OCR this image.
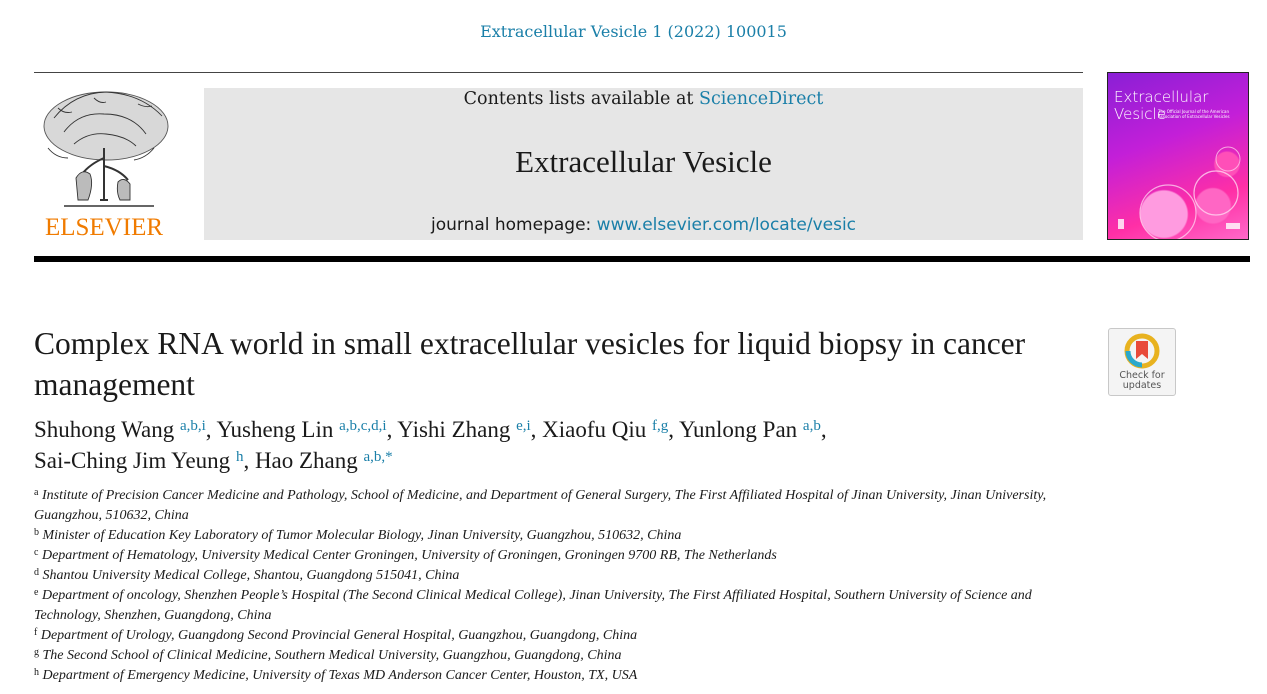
Extracellular Vesicle 1 (2022) 100015
ELSEVIER
Contents lists available at ScienceDirect
Extracellular Vesicle
journal homepage: www.elsevier.com/locate/vesic
Extracellular
Vesicle
The Official Journal of the American Association of Extracellular Vesicles
Complex RNA world in small extracellular vesicles for liquid biopsy in cancer management	Check for
updates
Shuhong Wang $^{a,b,i}$, Yusheng Lin $^{a,b,c,d,i}$, Yishi Zhang $^{e,i}$, Xiaofu Qiu $^{f,g}$, Yunlong Pan $^{a,b}$,
Sai-Ching Jim Yeung $^h$, Hao Zhang $^{a,b,*}$
$^a$ Institute of Precision Cancer Medicine and Pathology, School of Medicine, and Department of General Surgery, The First Affiliated Hospital of Jinan University, Jinan University, Guangzhou, 510632, China
$^b$ Minister of Education Key Laboratory of Tumor Molecular Biology, Jinan University, Guangzhou, 510632, China
$^c$ Department of Hematology, University Medical Center Groningen, University of Groningen, Groningen 9700 RB, The Netherlands
$^d$ Shantou University Medical College, Shantou, Guangdong 515041, China
$^e$ Department of oncology, Shenzhen People’s Hospital (The Second Clinical Medical College), Jinan University, The First Affiliated Hospital, Southern University of Science and Technology, Shenzhen, Guangdong, China
$^f$ Department of Urology, Guangdong Second Provincial General Hospital, Guangzhou, Guangdong, China
$^g$ The Second School of Clinical Medicine, Southern Medical University, Guangzhou, Guangdong, China
$^h$ Department of Emergency Medicine, University of Texas MD Anderson Cancer Center, Houston, TX, USA
